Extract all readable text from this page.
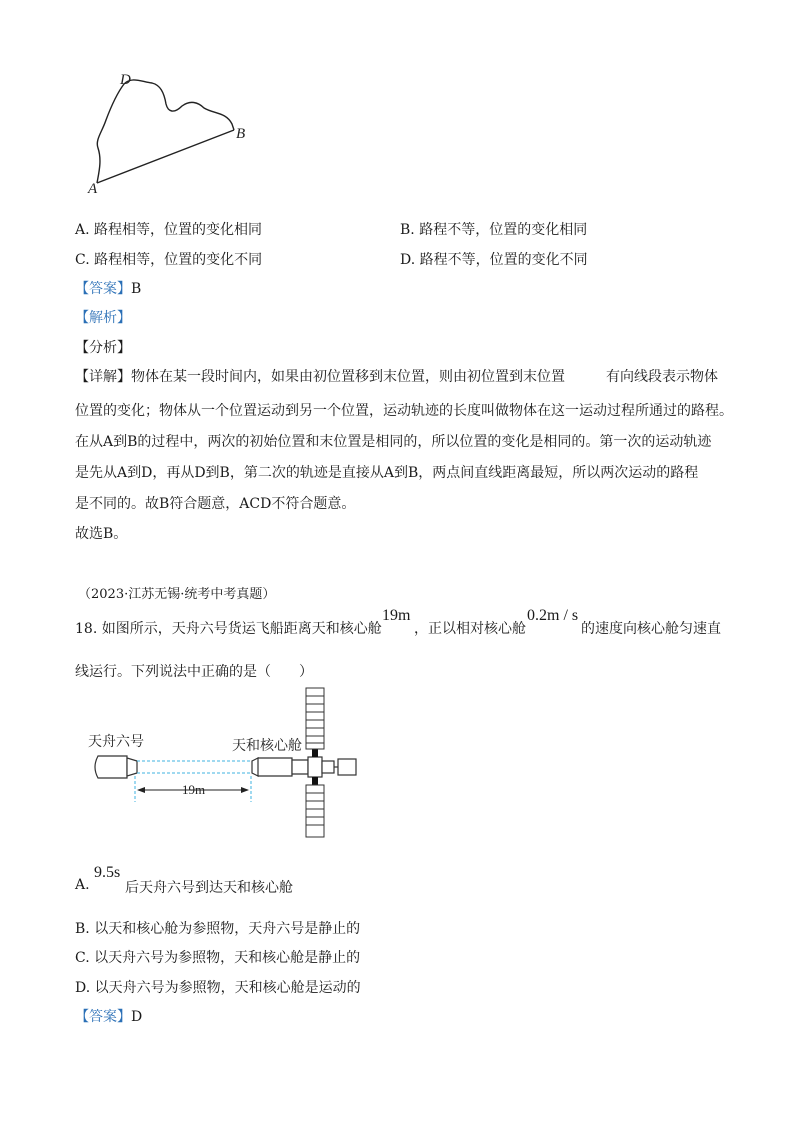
D
B
A
A. 路程相等，位置的变化相同	B. 路程不等，位置的变化相同
C. 路程相等，位置的变化不同	D. 路程不等，位置的变化不同
【答案】B
【解析】
【分析】
【详解】物体在某一段时间内，如果由初位置移到末位置，则由初位置到末位置	有向线段表示物体
位置的变化；物体从一个位置运动到另一个位置，运动轨迹的长度叫做物体在这一运动过程所通过的路程。
在从A到B的过程中，两次的初始位置和末位置是相同的，所以位置的变化是相同的。第一次的运动轨迹
是先从A到D，再从D到B，第二次的轨迹是直接从A到B，两点间直线距离最短，所以两次运动的路程
是不同的。故B符合题意，ACD不符合题意。
故选B。
（2023·江苏无锡·统考中考真题）
18. 如图所示，天舟六号货运飞船距离天和核心舱
19m
，正以相对核心舱
0.2m / s
的速度向核心舱匀速直
线运行。下列说法中正确的是（　　）
天舟六号	天和核心舱
19m
A.
9.5s
后天舟六号到达天和核心舱
B. 以天和核心舱为参照物，天舟六号是静止的
C. 以天舟六号为参照物，天和核心舱是静止的
D. 以天舟六号为参照物，天和核心舱是运动的
【答案】D
